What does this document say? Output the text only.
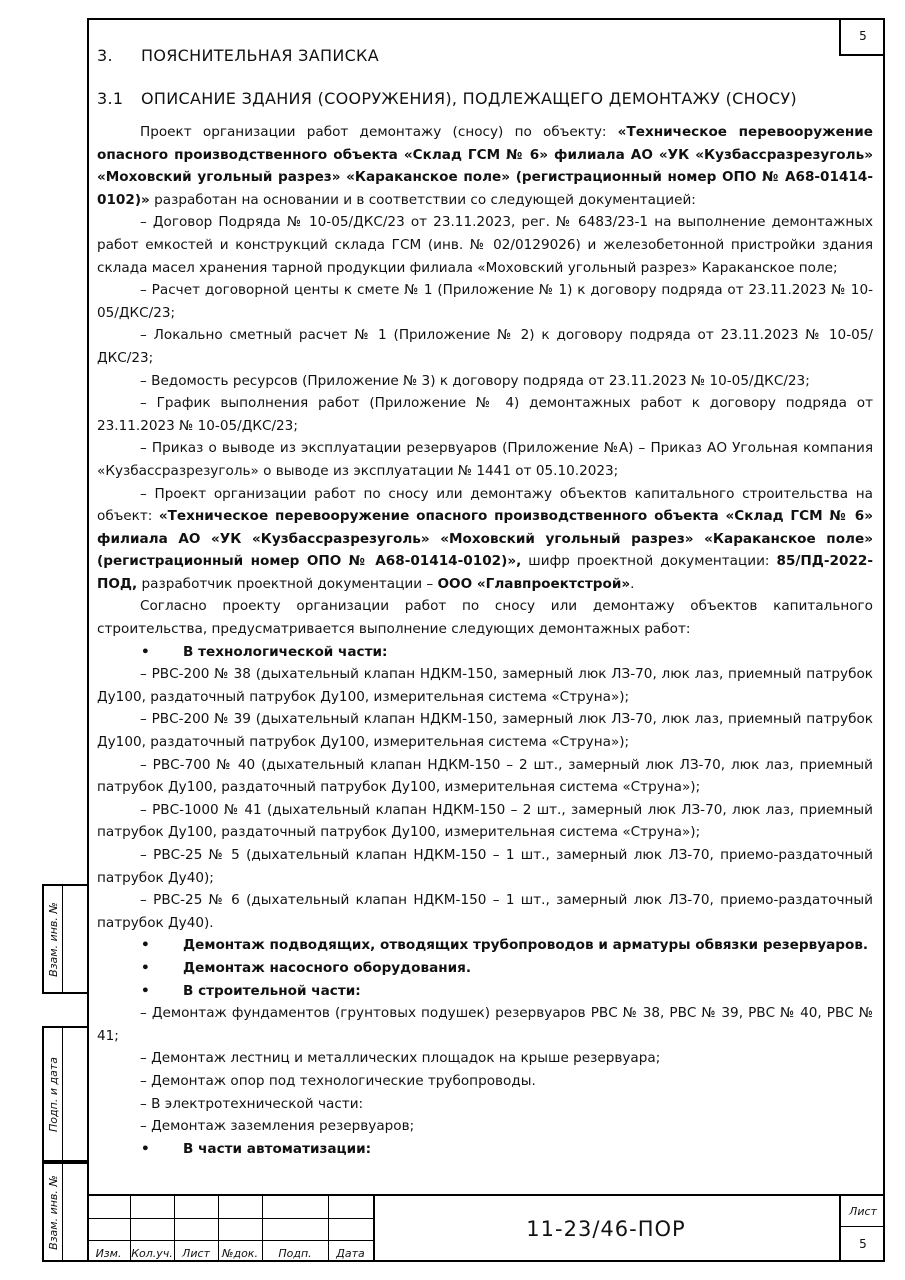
5
3.	ПОЯСНИТЕЛЬНАЯ ЗАПИСКА
3.1	ОПИСАНИЕ ЗДАНИЯ (СООРУЖЕНИЯ), ПОДЛЕЖАЩЕГО ДЕМОНТАЖУ (СНОСУ)

Проект организации работ демонтажу (сносу) по объекту: «Техническое перевооружение опасного производственного объекта «Склад ГСМ № 6» филиала АО «УК «Кузбассразрезуголь» «Моховский угольный разрез» «Караканское поле» (регистрационный номер ОПО № А68-01414-0102)» разработан на основании и в соответствии со следующей документацией:

– Договор Подряда № 10-05/ДКС/23 от 23.11.2023, рег. № 6483/23-1 на выполнение демонтажных работ емкостей и конструкций склада ГСМ (инв. № 02/0129026) и железобетонной пристройки здания склада масел хранения тарной продукции филиала «Моховский угольный разрез» Караканское поле;

– Расчет договорной центы к смете № 1 (Приложение № 1) к договору подряда от 23.11.2023 № 10-05/ДКС/23;

– Локально сметный расчет № 1 (Приложение № 2) к договору подряда от 23.11.2023 № 10-05/ДКС/23;

– Ведомость ресурсов (Приложение № 3) к договору подряда от 23.11.2023 № 10-05/ДКС/23;

– График выполнения работ (Приложение № 4) демонтажных работ к договору подряда от 23.11.2023 № 10-05/ДКС/23;

– Приказ о выводе из эксплуатации резервуаров (Приложение №А) – Приказ АО Угольная компания «Кузбассразрезуголь» о выводе из эксплуатации № 1441 от 05.10.2023;

– Проект организации работ по сносу или демонтажу объектов капитального строительства на объект: «Техническое перевооружение опасного производственного объекта «Склад ГСМ № 6» филиала АО «УК «Кузбассразрезуголь» «Моховский угольный разрез» «Караканское поле» (регистрационный номер ОПО № А68-01414-0102)», шифр проектной документации: 85/ПД-2022-ПОД, разработчик проектной документации – ООО «Главпроектстрой».

Согласно проекту организации работ по сносу или демонтажу объектов капитального строительства, предусматривается выполнение следующих демонтажных работ:

•	В технологической части:

– РВС-200 № 38 (дыхательный клапан НДКМ-150, замерный люк ЛЗ-70, люк лаз, приемный патрубок Ду100, раздаточный патрубок Ду100, измерительная система «Струна»);

– РВС-200 № 39 (дыхательный клапан НДКМ-150, замерный люк ЛЗ-70, люк лаз, приемный патрубок Ду100, раздаточный патрубок Ду100, измерительная система «Струна»);

– РВС-700 № 40 (дыхательный клапан НДКМ-150 – 2 шт., замерный люк ЛЗ-70, люк лаз, приемный патрубок Ду100, раздаточный патрубок Ду100, измерительная система «Струна»);

– РВС-1000 № 41 (дыхательный клапан НДКМ-150 – 2 шт., замерный люк ЛЗ-70, люк лаз, приемный патрубок Ду100, раздаточный патрубок Ду100, измерительная система «Струна»);

– РВС-25 № 5 (дыхательный клапан НДКМ-150 – 1 шт., замерный люк ЛЗ-70, приемо-раздаточный патрубок Ду40);

– РВС-25 № 6 (дыхательный клапан НДКМ-150 – 1 шт., замерный люк ЛЗ-70, приемо-раздаточный патрубок Ду40).

•	Демонтаж подводящих, отводящих трубопроводов и арматуры обвязки резервуаров.

•	Демонтаж насосного оборудования.

•	В строительной части:

– Демонтаж фундаментов (грунтовых подушек) резервуаров РВС № 38, РВС № 39, РВС № 40, РВС № 41;

– Демонтаж лестниц и металлических площадок на крыше резервуара;

– Демонтаж опор под технологические трубопроводы.

– В электротехнической части:

– Демонтаж заземления резервуаров;

•	В части автоматизации:

Взам. инв. №
Подп. и дата
Взам. инв. №
Изм. Кол.уч. Лист	№док.	Подп.	Дата
11-23/46-ПОР
Лист
5
